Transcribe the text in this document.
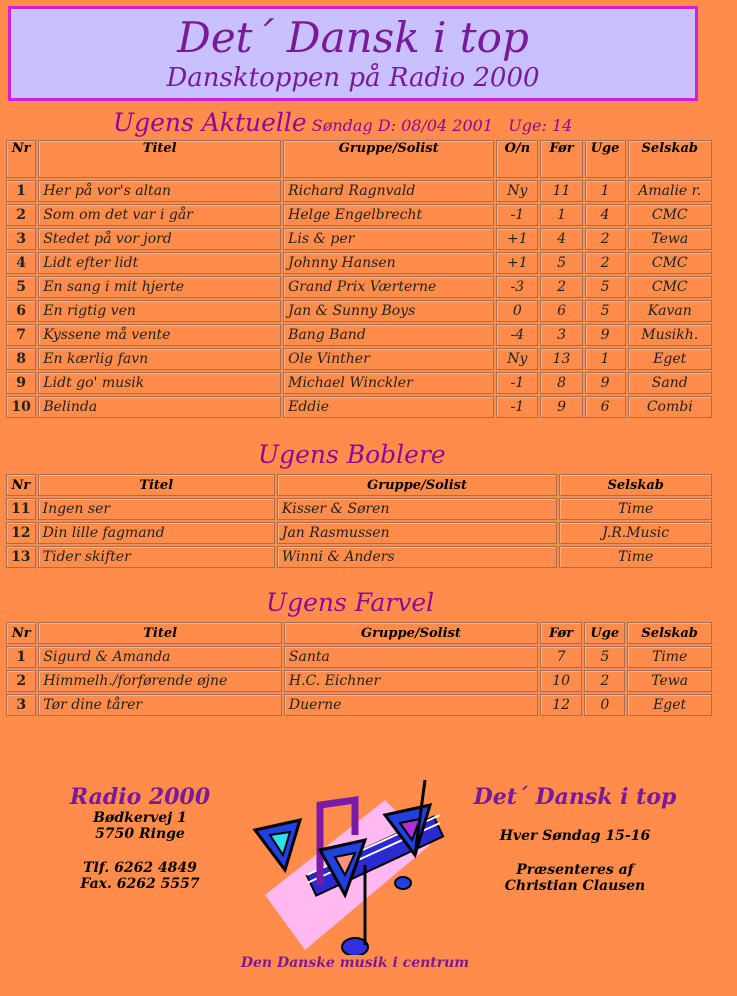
Det´ Dansk i top
Dansktoppen på Radio 2000
Ugens Aktuelle Søndag D: 08/04 2001 Uge: 14
Nr	Titel	Gruppe/Solist	O/n	Før	Uge	Selskab
1	Her på vor's altan	Richard Ragnvald	Ny	11	1	Amalie r.
2	Som om det var i går	Helge Engelbrecht	-1	1	4	CMC
3	Stedet på vor jord	Lis & per	+1	4	2	Tewa
4	Lidt efter lidt	Johnny Hansen	+1	5	2	CMC
5	En sang i mit hjerte	Grand Prix Værterne	-3	2	5	CMC
6	En rigtig ven	Jan & Sunny Boys	0	6	5	Kavan
7	Kyssene må vente	Bang Band	-4	3	9	Musikh.
8	En kærlig favn	Ole Vinther	Ny	13	1	Eget
9	Lidt go' musik	Michael Winckler	-1	8	9	Sand
10	Belinda	Eddie	-1	9	6	Combi
Ugens Boblere
Nr	Titel	Gruppe/Solist	Selskab
11	Ingen ser	Kisser & Søren	Time
12	Din lille fagmand	Jan Rasmussen	J.R.Music
13	Tider skifter	Winni & Anders	Time
Ugens Farvel
Nr	Titel	Gruppe/Solist	Før	Uge	Selskab
1	Sigurd & Amanda	Santa	7	5	Time
2	Himmelh./forførende øjne	H.C. Eichner	10	2	Tewa
3	Tør dine tårer	Duerne	12	0	Eget
Radio 2000
Bødkervej 1
5750 Ringe
Tlf. 6262 4849
Fax. 6262 5557
Det´ Dansk i top
Hver Søndag 15-16
Præsenteres af
Christian Clausen
Den Danske musik i centrum
